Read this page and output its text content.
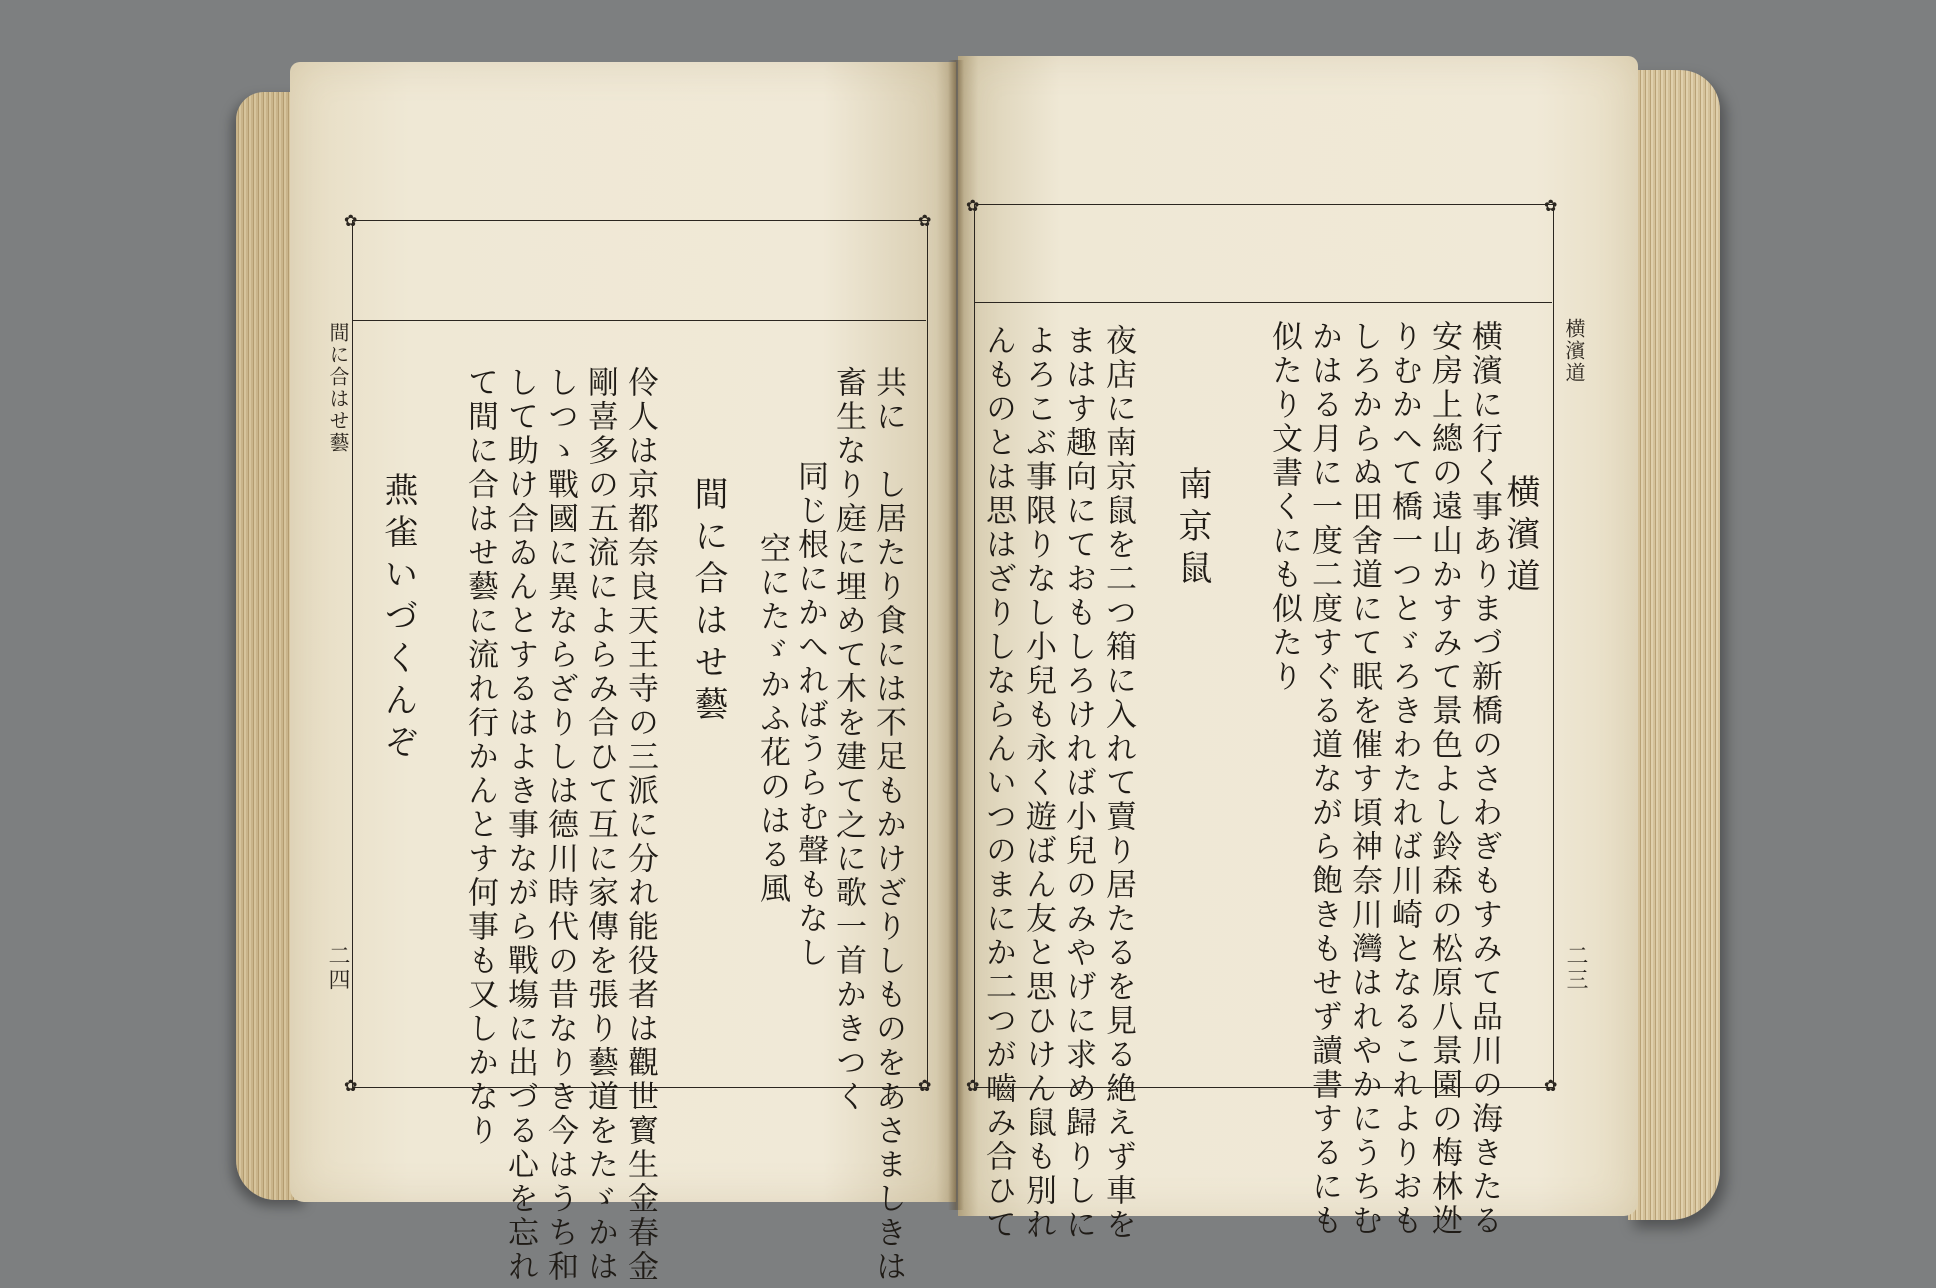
✿	✿
✿	✿
✿	✿
✿	✿

間に合はせ藝
二四	共に　し居たり食には不足もかけざりしものをあさましきは
畜生なり庭に埋めて木を建て之に歌一首かきつく
同じ根にかへればうらむ聲もなし
空にたゞかふ花のはる風
間に合はせ藝
伶人は京都奈良天王寺の三派に分れ能役者は觀世寳生金春金
剛喜多の五流によらみ合ひて互に家傳を張り藝道をたゞかは
しつゝ戰國に異ならざりしは德川時代の昔なりき今はうち和
して助け合ゐんとするはよき事ながら戰塲に出づる心を忘れ
て間に合はせ藝に流れ行かんとす何事も又しかなり
燕雀いづくんぞ
横濱道
二三
横濱道
横濱に行く事ありまづ新橋のさわぎもすみて品川の海きたる
安房上總の遠山かすみて景色よし鈴森の松原八景園の梅林迯
りむかへて橋一つとゞろきわたれば川崎となるこれよりおも
しろからぬ田舍道にて眠を催す頃神奈川灣はれやかにうちむ
かはる月に一度二度すぐる道ながら飽きもせず讀書するにも
似たり文書くにも似たり
南京鼠
夜店に南京鼠を二つ箱に入れて賣り居たるを見る絶えず車を
まはす趣向にておもしろければ小兒のみやげに求め歸りしに
よろこぶ事限りなし小兒も永く遊ばん友と思ひけん鼠も別れ
んものとは思はざりしならんいつのまにか二つが嚙み合ひて
